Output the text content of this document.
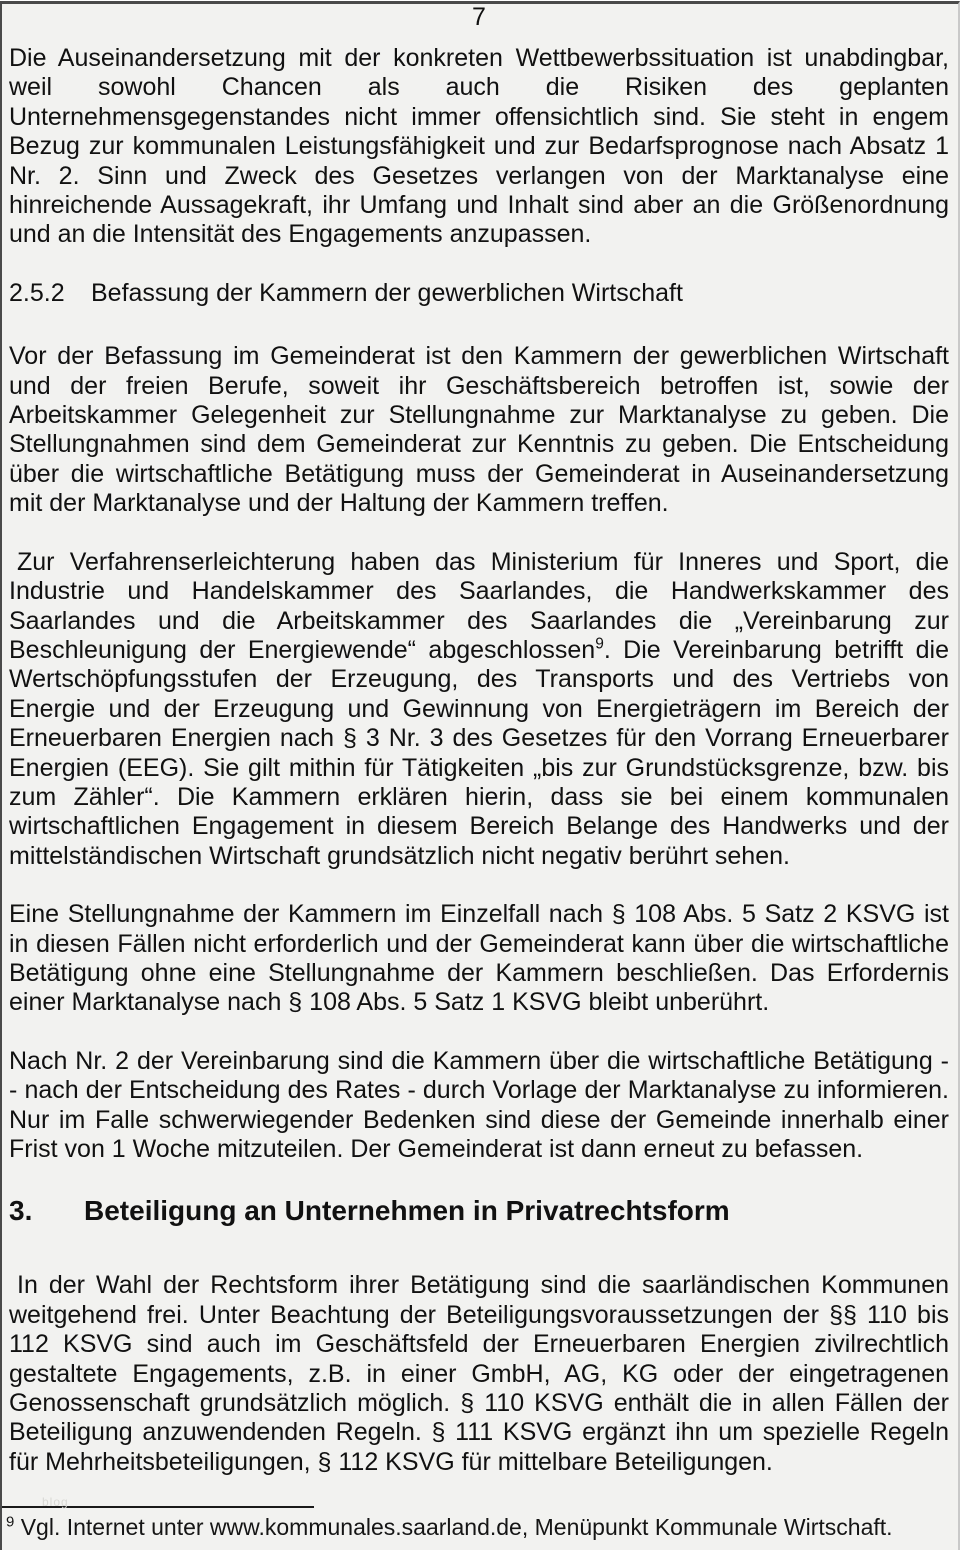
7

Die Auseinandersetzung mit der konkreten Wettbewerbssituation ist unabdingbar, weil sowohl Chancen als auch die Risiken des geplanten Unternehmensgegenstandes nicht immer offensichtlich sind. Sie steht in engem Bezug zur kommunalen Leistungsfähigkeit und zur Bedarfsprognose nach Absatz 1 Nr. 2. Sinn und Zweck des Gesetzes verlangen von der Marktanalyse eine hinreichende Aussagekraft, ihr Umfang und Inhalt sind aber an die Größenordnung und an die Intensität des Engagements anzupassen.

2.5.2	Befassung der Kammern der gewerblichen Wirtschaft

Vor der Befassung im Gemeinderat ist den Kammern der gewerblichen Wirtschaft und der freien Berufe, soweit ihr Geschäftsbereich betroffen ist, sowie der Arbeitskammer Gelegenheit zur Stellungnahme zur Marktanalyse zu geben. Die Stellungnahmen sind dem Gemeinderat zur Kenntnis zu geben. Die Entscheidung über die wirtschaftliche Betätigung muss der Gemeinderat in Auseinandersetzung mit der Marktanalyse und der Haltung der Kammern treffen.

Zur Verfahrenserleichterung haben das Ministerium für Inneres und Sport, die Industrie und Handelskammer des Saarlandes, die Handwerkskammer des Saarlandes und die Arbeitskammer des Saarlandes die „Vereinbarung zur Beschleunigung der Energiewende“ abgeschlossen$^9$. Die Vereinbarung betrifft die Wertschöpfungsstufen der Erzeugung, des Transports und des Vertriebs von Energie und der Erzeugung und Gewinnung von Energieträgern im Bereich der Erneuerbaren Energien nach § 3 Nr. 3 des Gesetzes für den Vorrang Erneuerbarer Energien (EEG). Sie gilt mithin für Tätigkeiten „bis zur Grundstücksgrenze, bzw. bis zum Zähler“. Die Kammern erklären hierin, dass sie bei einem kommunalen wirtschaftlichen Engagement in diesem Bereich Belange des Handwerks und der mittelständischen Wirtschaft grundsätzlich nicht negativ berührt sehen.

Eine Stellungnahme der Kammern im Einzelfall nach § 108 Abs. 5 Satz 2 KSVG ist in diesen Fällen nicht erforderlich und der Gemeinderat kann über die wirtschaftliche Betätigung ohne eine Stellungnahme der Kammern beschließen. Das Erfordernis einer Marktanalyse nach § 108 Abs. 5 Satz 1 KSVG bleibt unberührt.

Nach Nr. 2 der Vereinbarung sind die Kammern über die wirtschaftliche Betätigung - - nach der Entscheidung des Rates - durch Vorlage der Marktanalyse zu informieren. Nur im Falle schwerwiegender Bedenken sind diese der Gemeinde innerhalb einer Frist von 1 Woche mitzuteilen. Der Gemeinderat ist dann erneut zu befassen.

3.	Beteiligung an Unternehmen in Privatrechtsform

In der Wahl der Rechtsform ihrer Betätigung sind die saarländischen Kommunen weitgehend frei. Unter Beachtung der Beteiligungsvoraussetzungen der §§ 110 bis 112 KSVG sind auch im Geschäftsfeld der Erneuerbaren Energien zivilrechtlich gestaltete Engagements, z.B. in einer GmbH, AG, KG oder der eingetragenen Genossenschaft grundsätzlich möglich. § 110 KSVG enthält die in allen Fällen der Beteiligung anzuwendenden Regeln. § 111 KSVG ergänzt ihn um spezielle Regeln für Mehrheitsbeteiligungen, § 112 KSVG für mittelbare Beteiligungen.

blog
$^9$ Vgl. Internet unter www.kommunales.saarland.de, Menüpunkt Kommunale Wirtschaft.
